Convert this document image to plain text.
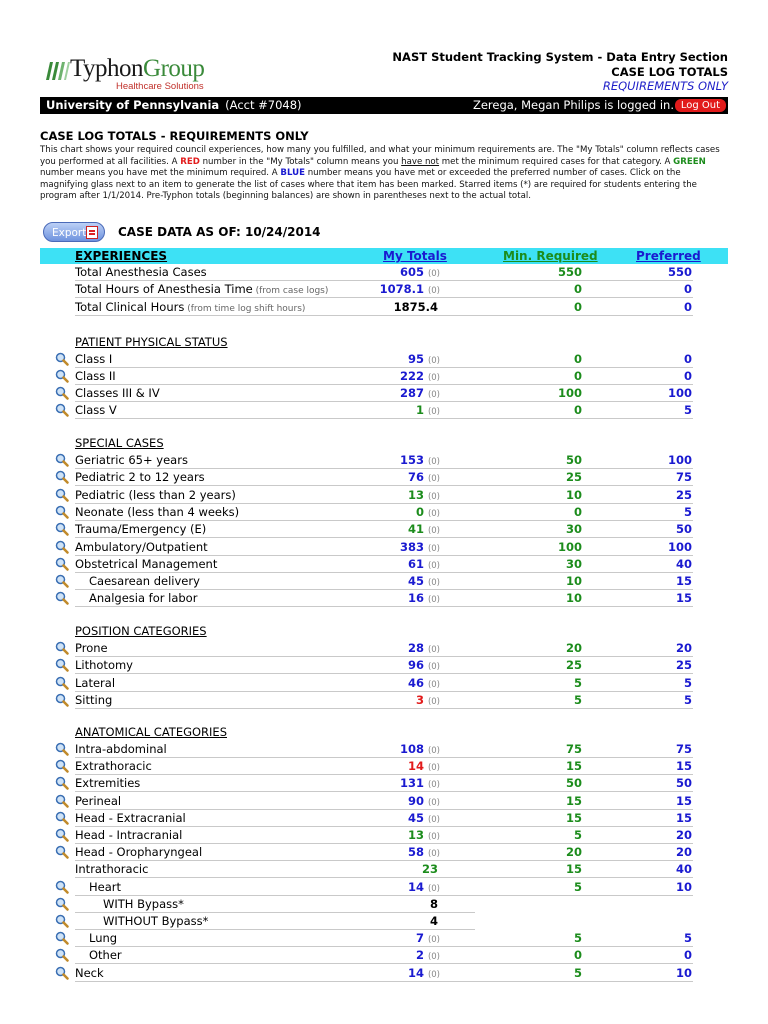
TyphonGroup
Healthcare Solutions
NAST Student Tracking System - Data Entry Section
CASE LOG TOTALS
REQUIREMENTS ONLY
University of Pennsylvania (Acct #7048)	Zerega, Megan Philips is logged in. Log Out
CASE LOG TOTALS - REQUIREMENTS ONLY
This chart shows your required council experiences, how many you fulfilled, and what your minimum requirements are. The "My Totals" column reflects cases you performed at all facilities. A RED number in the "My Totals" column means you have not met the minimum required cases for that category. A GREEN number means you have met the minimum required. A BLUE number means you have met or exceeded the preferred number of cases. Click on the magnifying glass next to an item to generate the list of cases where that item has been marked. Starred items (*) are required for students entering the program after 1/1/2014. Pre-Typhon totals (beginning balances) are shown in parentheses next to the actual total.
Export	CASE DATA AS OF: 10/24/2014
EXPERIENCES	My Totals	Min. Required	Preferred
Total Anesthesia Cases	605 (0)	550	550
Total Hours of Anesthesia Time (from case logs)	1078.1 (0)	0	0
Total Clinical Hours (from time log shift hours)	1875.4	0	0
PATIENT PHYSICAL STATUS
Class I	95 (0)	0	0
Class II	222 (0)	0	0
Classes III & IV	287 (0)	100	100
Class V	1 (0)	0	5
SPECIAL CASES
Geriatric 65+ years	153 (0)	50	100
Pediatric 2 to 12 years	76 (0)	25	75
Pediatric (less than 2 years)	13 (0)	10	25
Neonate (less than 4 weeks)	0 (0)	0	5
Trauma/Emergency (E)	41 (0)	30	50
Ambulatory/Outpatient	383 (0)	100	100
Obstetrical Management	61 (0)	30	40
Caesarean delivery	45 (0)	10	15
Analgesia for labor	16 (0)	10	15
POSITION CATEGORIES
Prone	28 (0)	20	20
Lithotomy	96 (0)	25	25
Lateral	46 (0)	5	5
Sitting	3 (0)	5	5
ANATOMICAL CATEGORIES
Intra-abdominal	108 (0)	75	75
Extrathoracic	14 (0)	15	15
Extremities	131 (0)	50	50
Perineal	90 (0)	15	15
Head - Extracranial	45 (0)	15	15
Head - Intracranial	13 (0)	5	20
Head - Oropharyngeal	58 (0)	20	20
Intrathoracic	23	15	40
Heart	14 (0)	5	10
WITH Bypass*	8
WITHOUT Bypass*	4
Lung	7 (0)	5	5
Other	2 (0)	0	0
Neck	14 (0)	5	10
